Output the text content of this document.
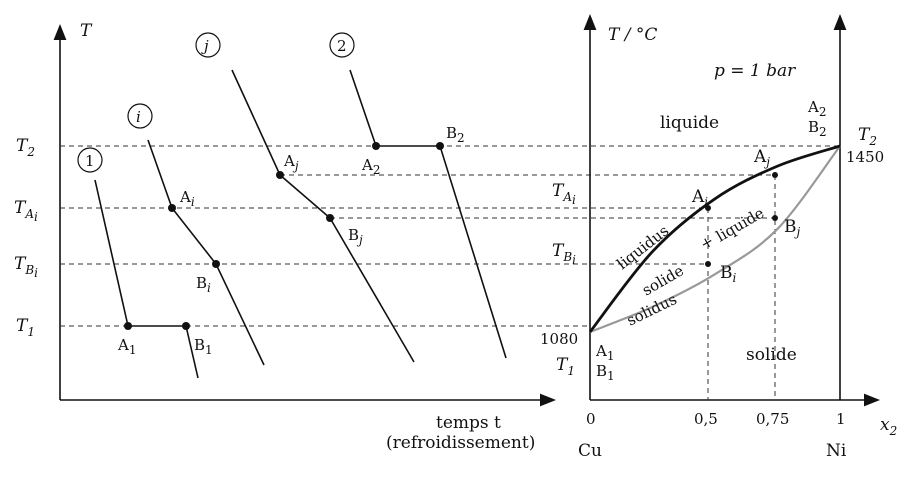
T
temps t
(refroidissement)
$T_2$
$T_Ai$
$T_Bi$
$T_1$
1
$A_1$	$B_1$
i
$A_i$
$B_i$
j
$A_j$
$B_j$
2
$A_2$
$B_2$
T / °C
p = 1 bar
liquide
solide
liquidus
solidus
solide
+
liquide
$A_i$
$B_i$
$A_j$
$B_j$
$T_Ai$
$T_Bi$
1080
$T_1$
$A_1$
$B_1$
$A_2$
$B_2$ $T_2$
1450
0	0,5	0,75	1
Cu	Ni
$x_2$
